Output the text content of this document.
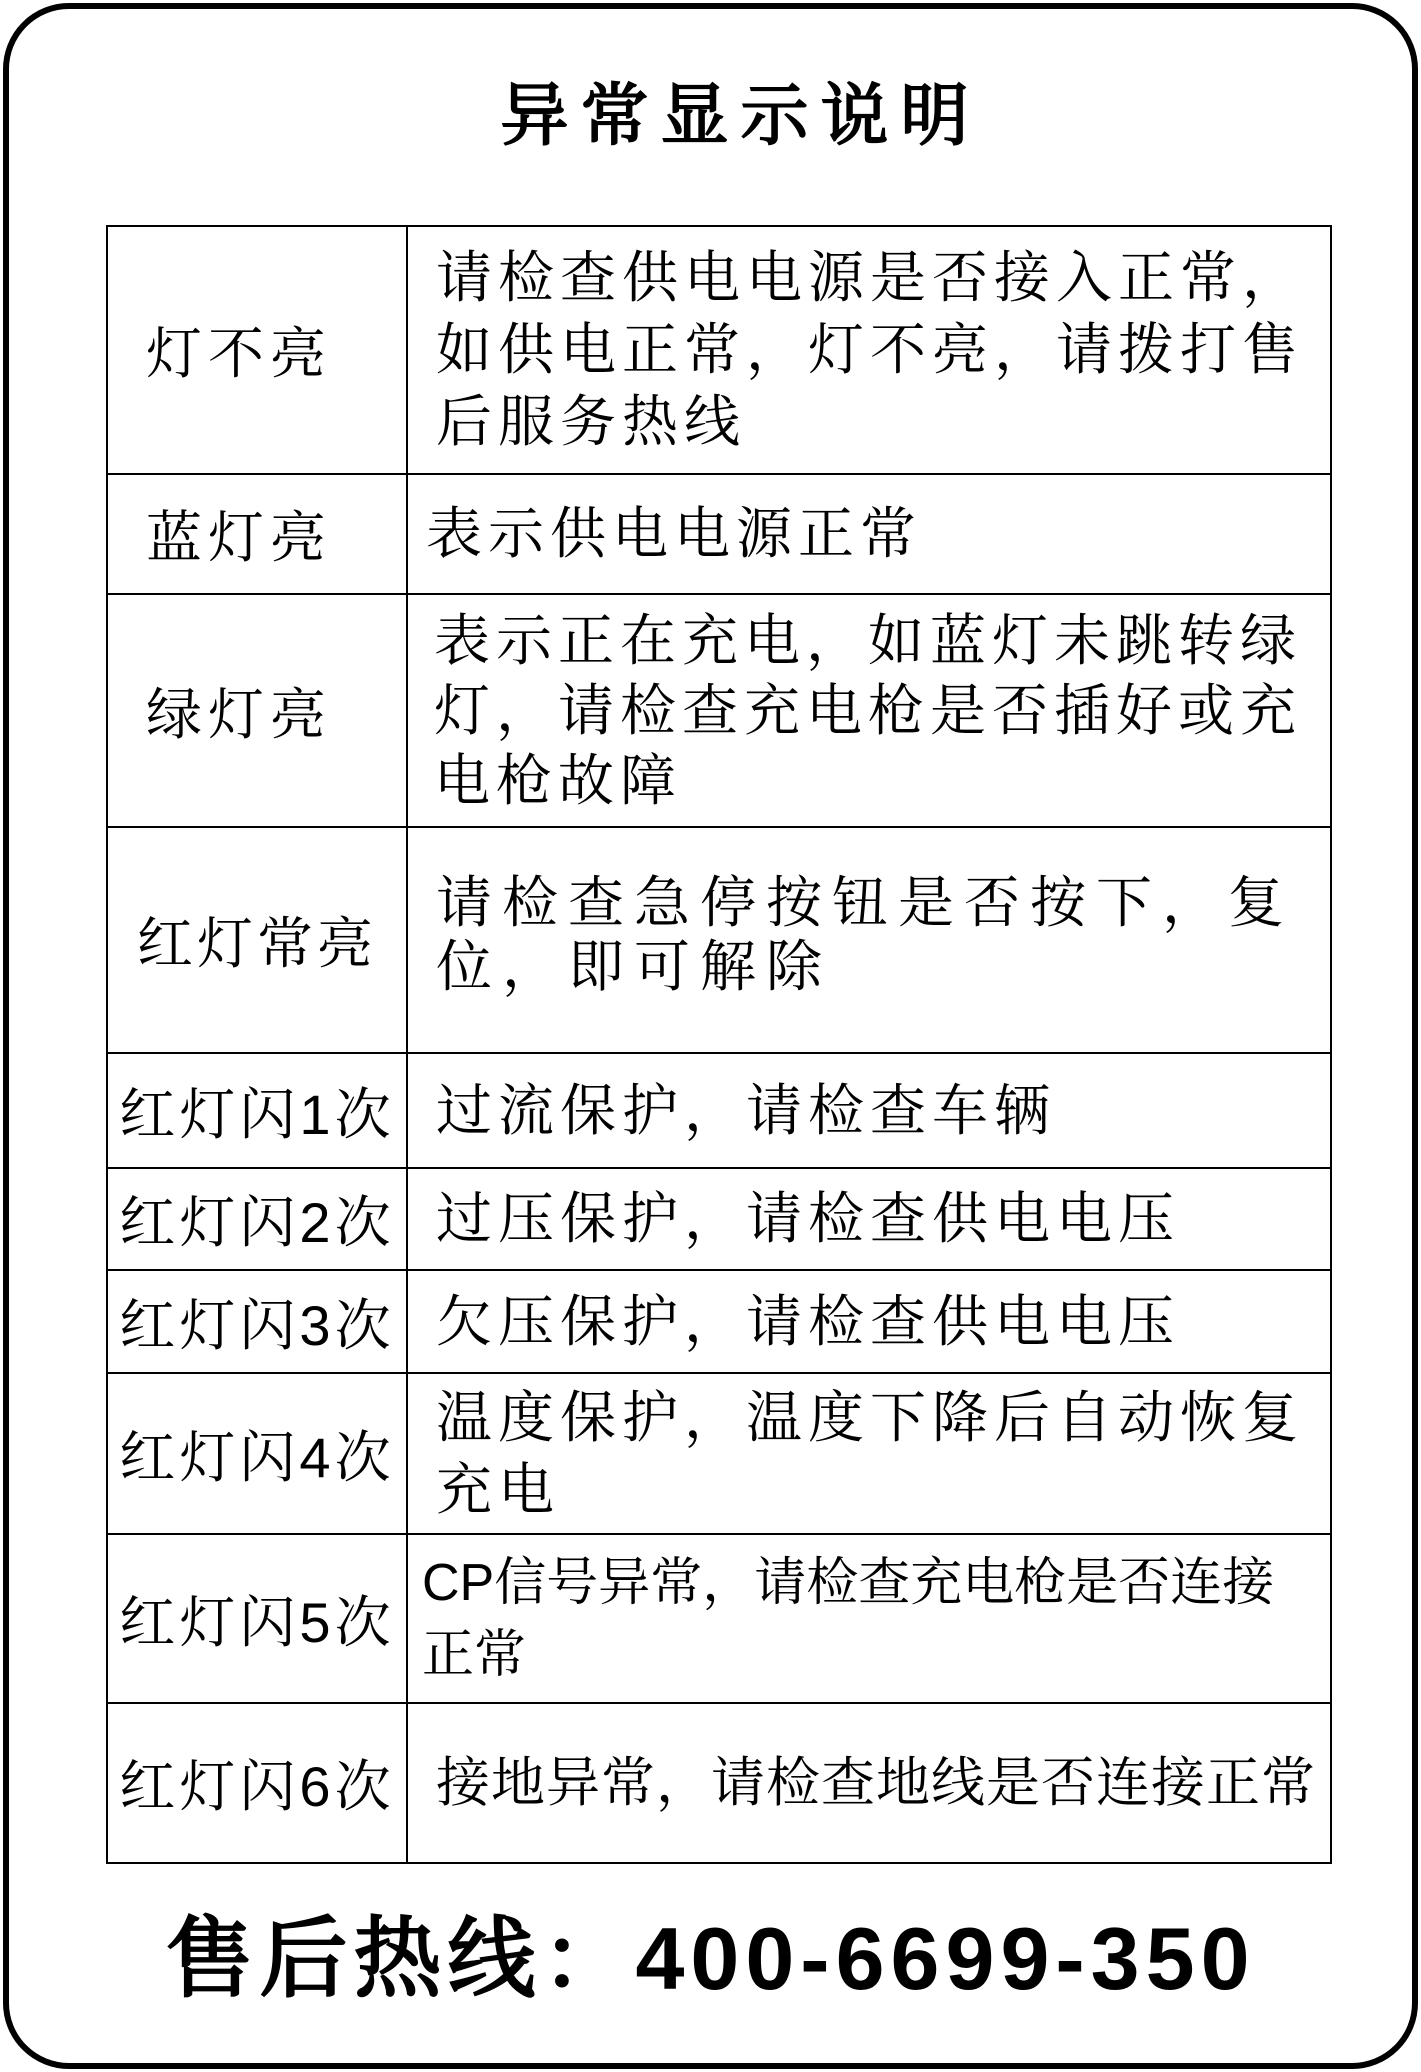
异常显示说明
灯不亮
请检查供电电源是否接入正常，
如供电正常，灯不亮，请拨打售
后服务热线
蓝灯亮	表示供电电源正常
绿灯亮
表示正在充电，如蓝灯未跳转绿
灯，请检查充电枪是否插好或充
电枪故障
红灯常亮
请检查急停按钮是否按下，复
位，即可解除
红灯闪1次 过流保护，请检查车辆
红灯闪2次 过压保护，请检查供电电压
红灯闪3次 欠压保护，请检查供电电压
红灯闪4次
温度保护，温度下降后自动恢复
充电
红灯闪5次
CP信号异常，请检查充电枪是否连接
正常
红灯闪6次 接地异常，请检查地线是否连接正常
售后热线：400-6699-350
